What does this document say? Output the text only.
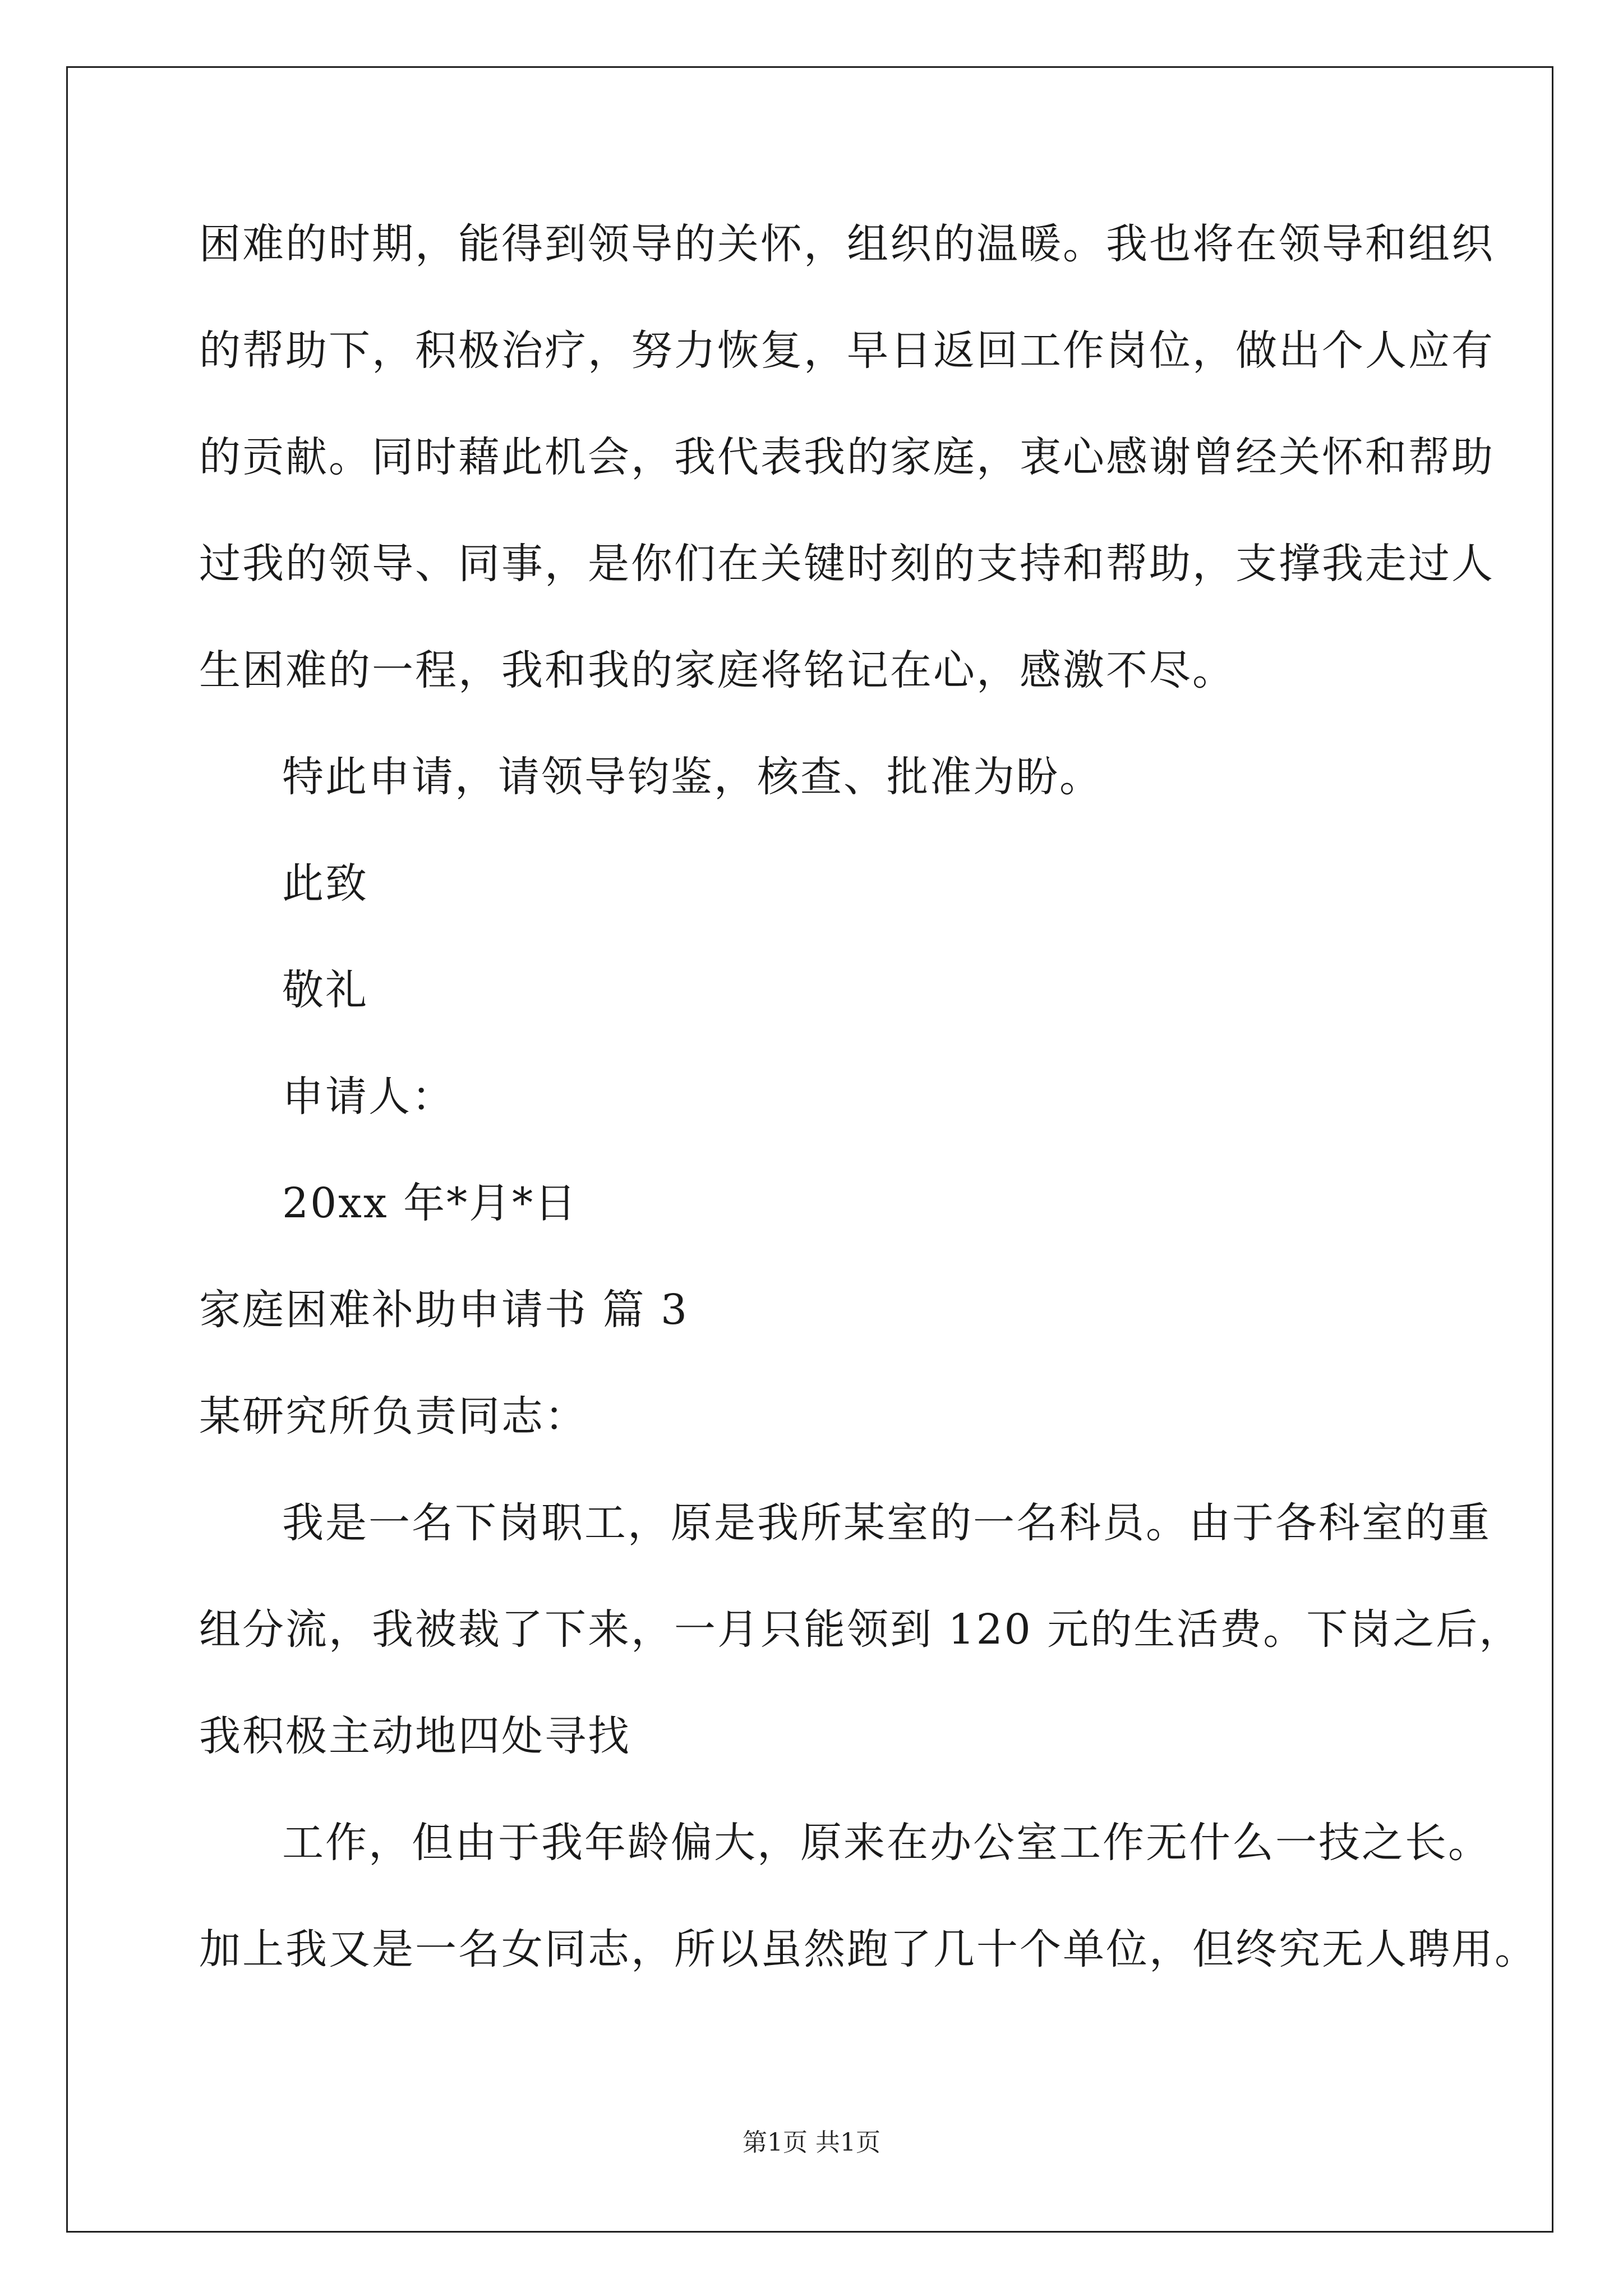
困难的时期，能得到领导的关怀，组织的温暖。我也将在领导和组织
的帮助下，积极治疗，努力恢复，早日返回工作岗位，做出个人应有
的贡献。同时藉此机会，我代表我的家庭，衷心感谢曾经关怀和帮助
过我的领导、同事，是你们在关键时刻的支持和帮助，支撑我走过人
生困难的一程，我和我的家庭将铭记在心，感激不尽。
特此申请，请领导钧鉴，核查、批准为盼。
此致
敬礼
申请人：
20xx 年*月*日
家庭困难补助申请书 篇 3
某研究所负责同志：
我是一名下岗职工，原是我所某室的一名科员。由于各科室的重
组分流，我被裁了下来，一月只能领到 120 元的生活费。下岗之后，
我积极主动地四处寻找
工作，但由于我年龄偏大，原来在办公室工作无什么一技之长。
加上我又是一名女同志，所以虽然跑了几十个单位，但终究无人聘用。
第1页 共1页
